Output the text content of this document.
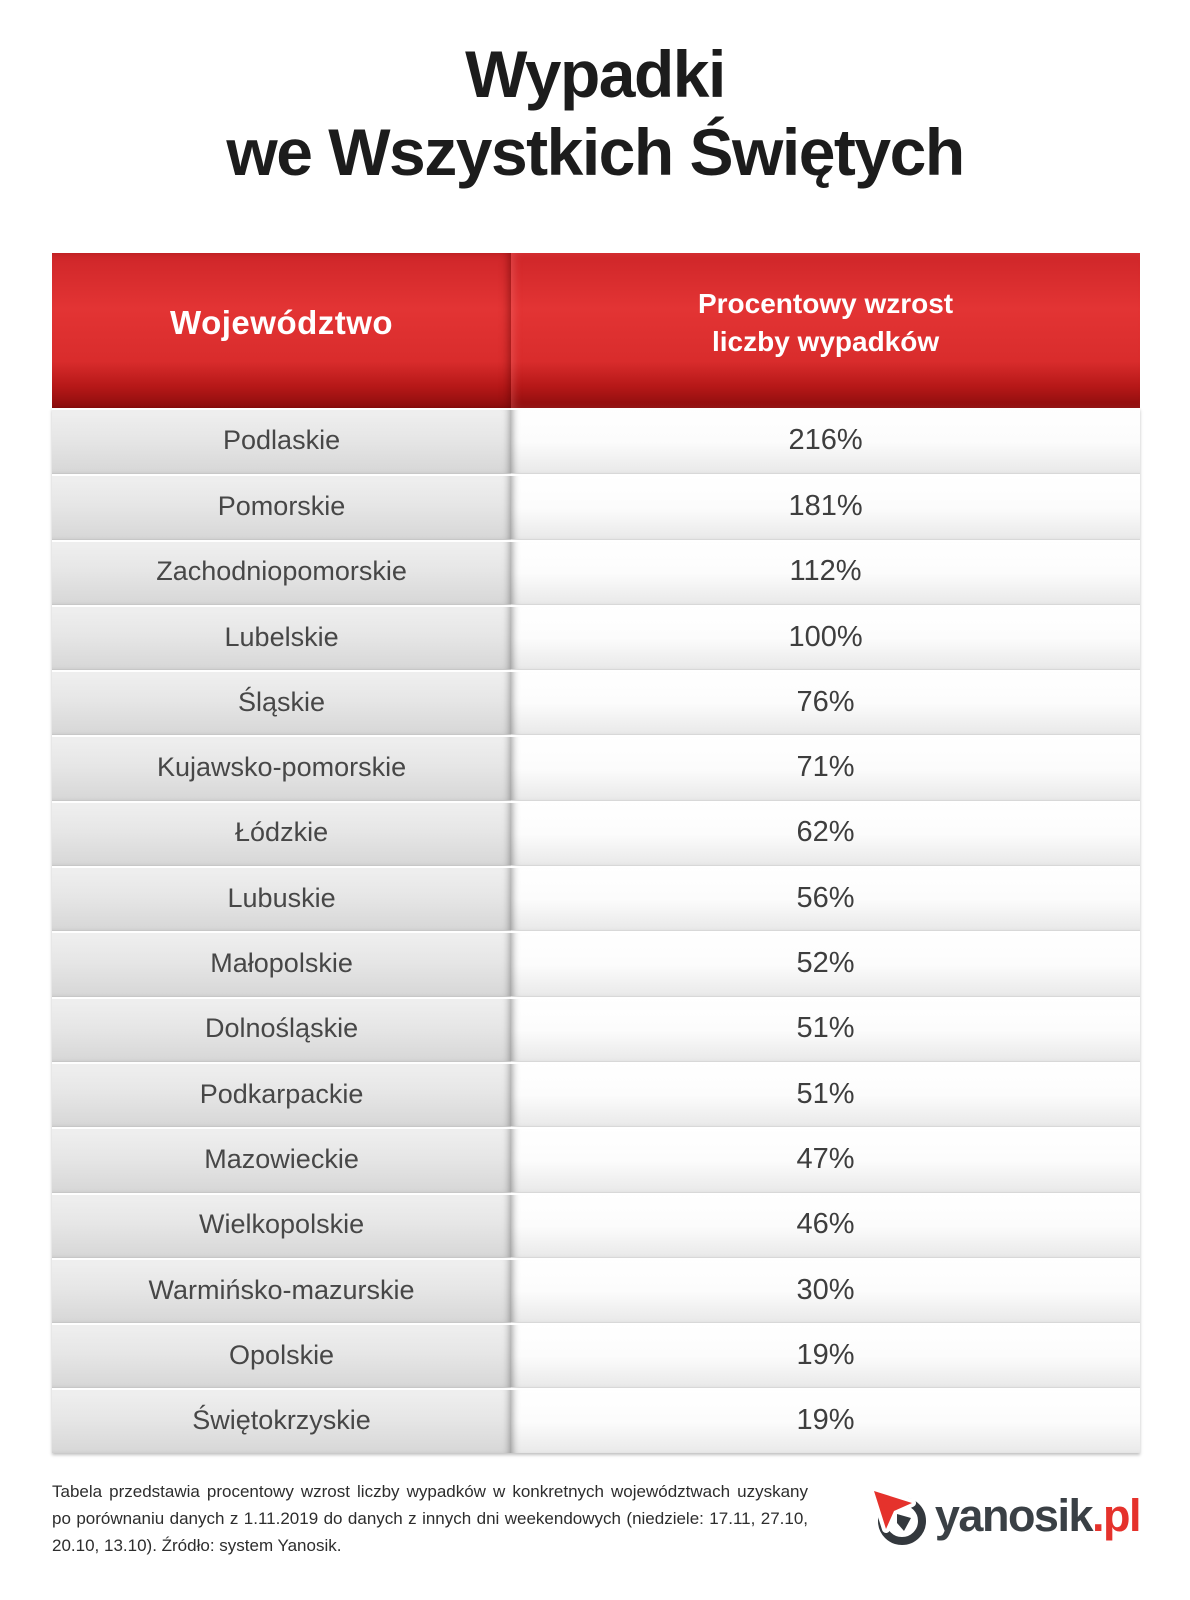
Wypadki
we Wszystkich Świętych
Województwo
Procentowy wzrost
liczby wypadków
Podlaskie	216%
Pomorskie	181%
Zachodniopomorskie	112%
Lubelskie	100%
Śląskie	76%
Kujawsko-pomorskie	71%
Łódzkie	62%
Lubuskie	56%
Małopolskie	52%
Dolnośląskie	51%
Podkarpackie	51%
Mazowieckie	47%
Wielkopolskie	46%
Warmińsko-mazurskie	30%
Opolskie	19%
Świętokrzyskie	19%

Tabela przedstawia procentowy wzrost liczby wypadków w konkretnych województwach uzyskany po porównaniu danych z 1.11.2019 do danych z innych dni weekendowych (niedziele: 17.11, 27.10, 20.10, 13.10). Źródło: system Yanosik.

yanosik.pl
